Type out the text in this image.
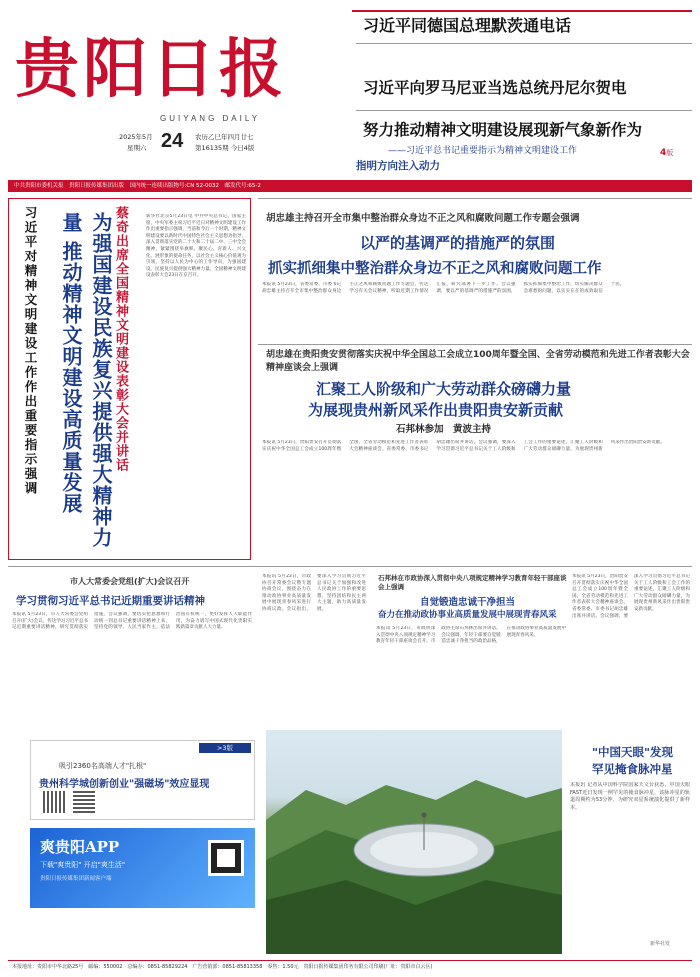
贵阳日报
GUIYANG DAILY
2025年5月
星期六 24 农历乙巳年四月廿七
第16135期 今日4版
习近平同德国总理默茨通电话
习近平向罗马尼亚当选总统丹尼尔贺电
努力推动精神文明建设展现新气象新作为
——习近平总书记重要指示为精神文明建设工作
指明方向注入动力
4版
中共贵阳市委机关报　贵阳日报传媒集团出版　国内统一连续出版物号:CN 52-0032　邮发代号:65-2
习近平对精神文明建设工作作出重要指示强调	为强国建设民族复兴提供强大精神力量 推动精神文明建设高质量发展	蔡奇出席全国精神文明建设表彰大会并讲话	新华社北京5月23日电 中共中央总书记、国家主席、中央军委主席习近平近日对精神文明建设工作作出重要指示强调，当前和今后一个时期，精神文明建设要以新时代中国特色社会主义思想为指导，深入贯彻落实党的二十大和二十届二中、三中全会精神，紧紧围绕举旗帜、聚民心、育新人、兴文化、展形象的使命任务，以社会主义核心价值观为引领，坚持以人民为中心的工作导向，为强国建设、民族复兴提供强大精神力量。全国精神文明建设表彰大会23日在京召开。
胡忠雄主持召开全市集中整治群众身边不正之风和腐败问题工作专题会强调
以严的基调严的措施严的氛围
抓实抓细集中整治群众身边不正之风和腐败问题工作
本报讯 5月23日，省委常委、市委书记胡忠雄主持召开全市集中整治群众身边不正之风和腐败问题工作专题会，传达学习有关会议精神，听取近期工作情况汇报，研究部署下一步工作。会议强调，要以严的基调严的措施严的氛围，抓实抓细集中整治工作，切实解决群众急难愁盼问题，以实实在在的成效取信于民。
胡忠雄在贵阳贵安贯彻落实庆祝中华全国总工会成立100周年暨全国、全省劳动模范和先进工作者表彰大会精神座谈会上强调
汇聚工人阶级和广大劳动群众磅礴力量
为展现贵州新风采作出贵阳贵安新贡献
石邦林参加　黄波主持
本报讯 5月23日，贵阳贵安召开贯彻落实庆祝中华全国总工会成立100周年暨全国、全省劳动模范和先进工作者表彰大会精神座谈会。省委常委、市委书记胡忠雄出席并讲话。会议强调，要深入学习贯彻习近平总书记关于工人阶级和工会工作的重要论述，汇聚工人阶级和广大劳动群众磅礴力量，为展现贵州新风采作出贵阳贵安新贡献。
市人大常委会党组(扩大)会议召开
学习贯彻习近平总书记近期重要讲话精神
本报讯 5月23日，市人大常委会党组召开(扩大)会议，传达学习习近平总书记近期重要讲话精神，研究贯彻落实措施。会议强调，要切实把思想和行动统一到总书记重要讲话精神上来，坚持党的领导、人民当家作主、依法治国有机统一，更好发挥人大职能作用，为奋力谱写中国式现代化贵阳实践新篇章贡献人大力量。
>3版
吸引2360名高端人才"扎根"
贵州科学城创新创业"强磁场"效应显现
爽贵阳APP
下载"爽贵阳" 开启"爽生活"
贵阳日报传媒集团新闻客户端
本报讯 5月23日，市政协召开常委会议暨专题协商会议，围绕奋力在推动政协事业高质量发展中展现青春风采进行协商议政。会议指出，要深入学习贯彻习近平总书记关于加强和改进人民政协工作的重要思想，坚持团结和民主两大主题，助力高质量发展。
石邦林在市政协深入贯彻中央八项规定精神学习教育年轻干部座谈会上强调
自觉锻造忠诚干净担当
奋力在推动政协事业高质量发展中展现青春风采
本报讯 5月23日，市政协深入贯彻中央八项规定精神学习教育年轻干部座谈会召开。市政协主席石邦林出席并讲话。会议强调，年轻干部要自觉锻造忠诚干净担当的政治品格，在推动政协事业高质量发展中展现青春风采。
本报讯 5月23日，贵阳贵安召开贯彻落实庆祝中华全国总工会成立100周年暨全国、全省劳动模范和先进工作者表彰大会精神座谈会。省委常委、市委书记胡忠雄出席并讲话。会议强调，要深入学习贯彻习近平总书记关于工人阶级和工会工作的重要论述，汇聚工人阶级和广大劳动群众磅礴力量，为展现贵州新风采作出贵阳贵安新贡献。
"中国天眼"发现
罕见掩食脉冲星
本报讯 记者从中国科学院国家天文台获悉，中国天眼FAST近日发现一例罕见的掩食脉冲星，该脉冲星的轨道周期约为53分钟，为研究双星系统演化提供了新样本。
新华社发
本报地址：贵阳市中华北路25号　邮编：550002　总编办：0851-85829224　广告营销部：0851-85813358　零售：1.50元　贵阳日报传媒集团印务有限公司印刷(厂址：贵阳市白云区)
